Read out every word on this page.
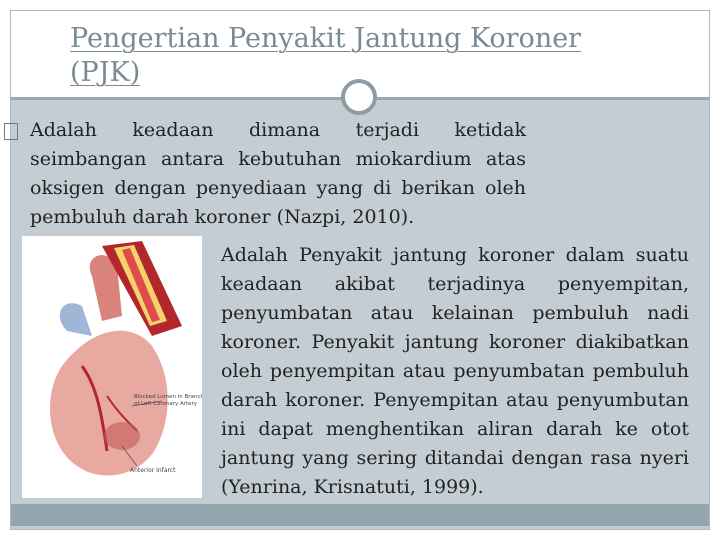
Pengertian Penyakit Jantung Koroner (PJK)

Adalah keadaan dimana terjadi ketidak seimbangan antara kebutuhan miokardium atas oksigen dengan penyediaan yang di berikan oleh pembuluh darah koroner (Nazpi, 2010).

Blocked Lumen in Branch
of Left Coronary Artery
Anterior Infarct

Adalah Penyakit jantung koroner dalam suatu keadaan akibat terjadinya penyempitan, penyumbatan atau kelainan pembuluh nadi koroner. Penyakit jantung koroner diakibatkan oleh penyempitan atau penyumbatan pembuluh darah koroner. Penyempitan atau penyumbutan ini dapat menghentikan aliran darah ke otot jantung yang sering ditandai dengan rasa nyeri (Yenrina, Krisnatuti, 1999).
